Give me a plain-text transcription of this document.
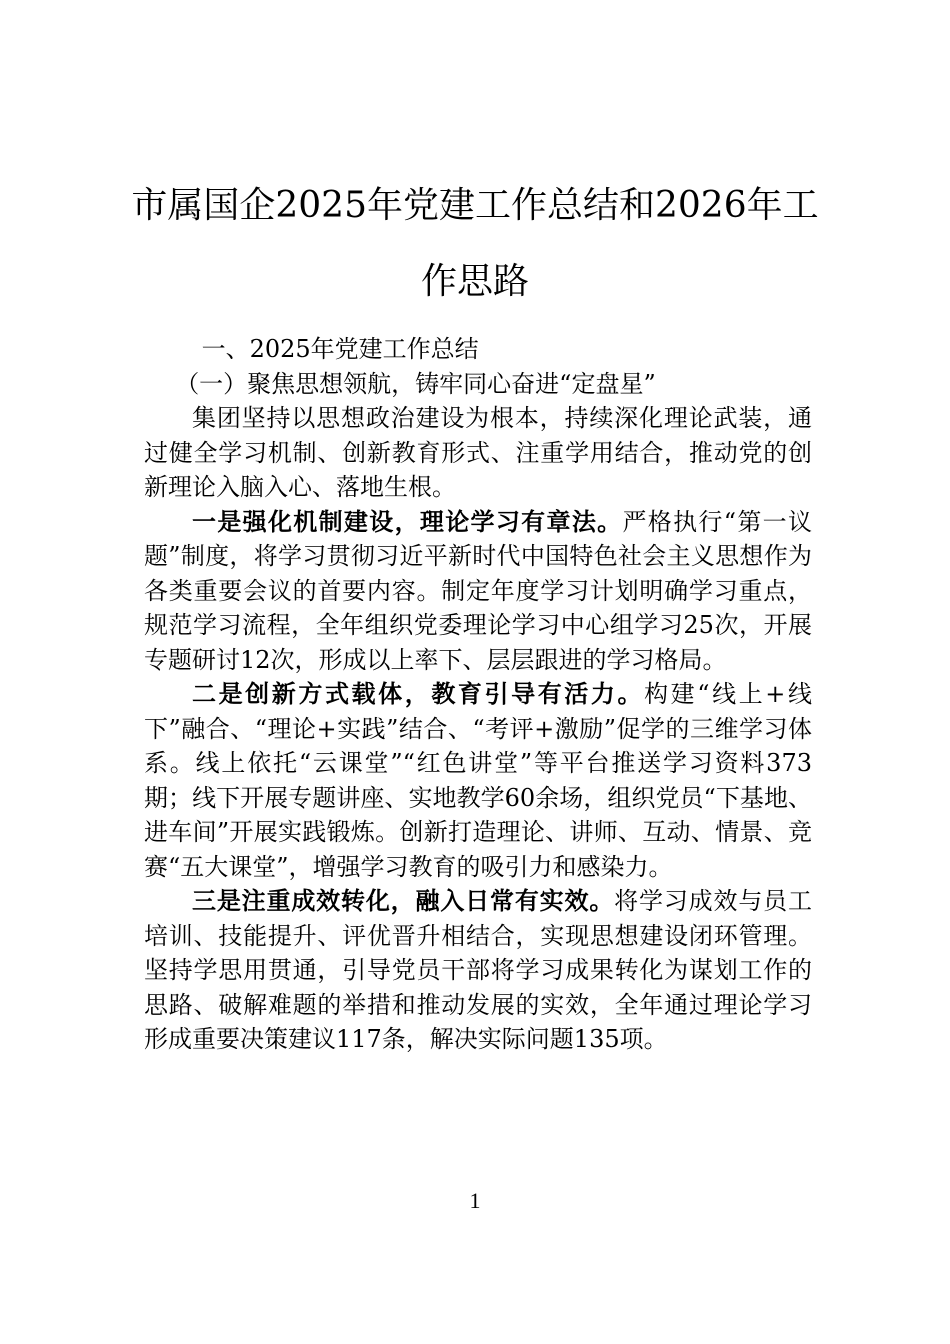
市属国企2025年党建工作总结和2026年工
作思路

一、2025年党建工作总结

（一）聚焦思想领航，铸牢同心奋进“定盘星”

集团坚持以思想政治建设为根本，持续深化理论武装，通过健全学习机制、创新教育形式、注重学用结合，推动党的创新理论入脑入心、落地生根。

一是强化机制建设，理论学习有章法。严格执行“第一议题”制度，将学习贯彻习近平新时代中国特色社会主义思想作为各类重要会议的首要内容。制定年度学习计划明确学习重点，规范学习流程，全年组织党委理论学习中心组学习25次，开展专题研讨12次，形成以上率下、层层跟进的学习格局。

二是创新方式载体，教育引导有活力。构建“线上+线下”融合、“理论+实践”结合、“考评+激励”促学的三维学习体系。线上依托“云课堂”“红色讲堂”等平台推送学习资料373期；线下开展专题讲座、实地教学60余场，组织党员“下基地、进车间”开展实践锻炼。创新打造理论、讲师、互动、情景、竞赛“五大课堂”，增强学习教育的吸引力和感染力。

三是注重成效转化，融入日常有实效。将学习成效与员工培训、技能提升、评优晋升相结合，实现思想建设闭环管理。坚持学思用贯通，引导党员干部将学习成果转化为谋划工作的思路、破解难题的举措和推动发展的实效，全年通过理论学习形成重要决策建议117条，解决实际问题135项。

1
